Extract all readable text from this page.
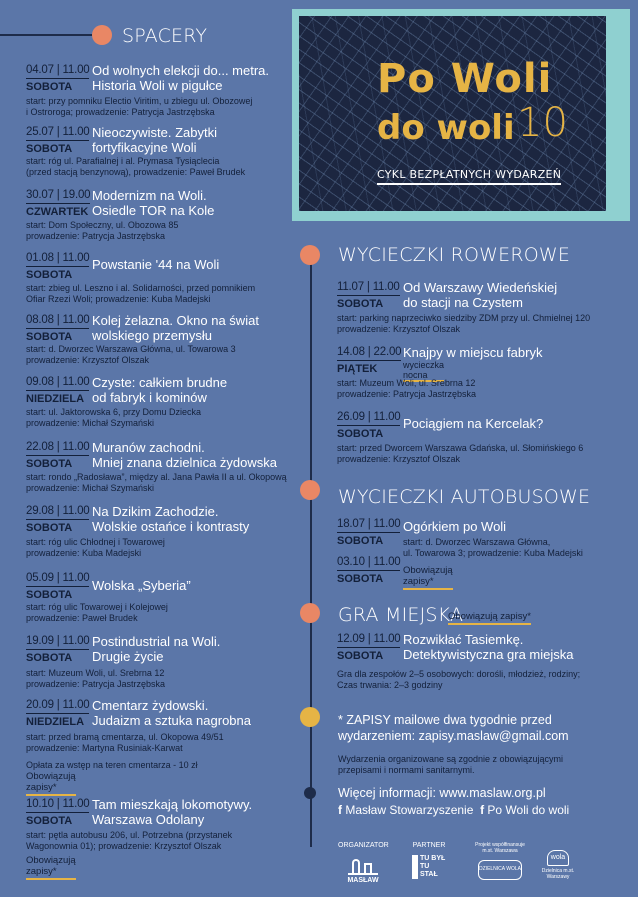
SPACERY
Po Woli
do woli 10
CYKL BEZPŁATNYCH WYDARZEŃ
04.07 | 11.00
SOBOTA
Od wolnych elekcji do... metra.
Historia Woli w pigułce
start: przy pomniku Electio Viritim, u zbiegu ul. Obozowej
i Ostroroga; prowadzenie: Patrycja Jastrzębska
25.07 | 11.00
SOBOTA
Nieoczywiste. Zabytki
fortyfikacyjne Woli
start: róg ul. Parafialnej i al. Prymasa Tysiąclecia
(przed stacją benzynową), prowadzenie: Paweł Brudek
30.07 | 19.00
CZWARTEK
Modernizm na Woli.
Osiedle TOR na Kole
start: Dom Społeczny, ul. Obozowa 85
prowadzenie: Patrycja Jastrzębska
01.08 | 11.00
SOBOTA
Powstanie '44 na Woli
start: zbieg ul. Leszno i al. Solidarności, przed pomnikiem
Ofiar Rzezi Woli; prowadzenie: Kuba Madejski
08.08 | 11.00
SOBOTA
Kolej żelazna. Okno na świat
wolskiego przemysłu
start: d. Dworzec Warszawa Główna, ul. Towarowa 3
prowadzenie: Krzysztof Olszak
09.08 | 11.00
NIEDZIELA
Czyste: całkiem brudne
od fabryk i kominów
start: ul. Jaktorowska 6, przy Domu Dziecka
prowadzenie: Michał Szymański
22.08 | 11.00
SOBOTA
Muranów zachodni.
Mniej znana dzielnica żydowska
start: rondo „Radosława”, między al. Jana Pawła II a ul. Okopową
prowadzenie: Michał Szymański
29.08 | 11.00
SOBOTA
Na Dzikim Zachodzie.
Wolskie ostańce i kontrasty
start: róg ulic Chłodnej i Towarowej
prowadzenie: Kuba Madejski
05.09 | 11.00
SOBOTA
Wolska „Syberia”
start: róg ulic Towarowej i Kolejowej
prowadzenie: Paweł Brudek
19.09 | 11.00
SOBOTA
Postindustrial na Woli.
Drugie życie
start: Muzeum Woli, ul. Srebrna 12
prowadzenie: Patrycja Jastrzębska
20.09 | 11.00
NIEDZIELA
Cmentarz żydowski.
Judaizm a sztuka nagrobna
start: przed bramą cmentarza, ul. Okopowa 49/51
prowadzenie: Martyna Rusiniak-Karwat
Opłata za wstęp na teren cmentarza - 10 zł
Obowiązują zapisy*
10.10 | 11.00
SOBOTA
Tam mieszkają lokomotywy.
Warszawa Odolany
start: pętla autobusu 206, ul. Potrzebna (przystanek
Wagonownia 01); prowadzenie: Krzysztof Olszak
Obowiązują zapisy*
WYCIECZKI ROWEROWE
11.07 | 11.00
SOBOTA
Od Warszawy Wiedeńskiej
do stacji na Czystem
start: parking naprzeciwko siedziby ZDM przy ul. Chmielnej 120
prowadzenie: Krzysztof Olszak
14.08 | 22.00
PIĄTEK
Knajpy w miejscu fabryk
wycieczka nocna
start: Muzeum Woli, ul. Srebrna 12
prowadzenie: Patrycja Jastrzębska
26.09 | 11.00
SOBOTA
Pociągiem na Kercelak?
start: przed Dworcem Warszawa Gdańska, ul. Słomińskiego 6
prowadzenie: Krzysztof Olszak
WYCIECZKI AUTOBUSOWE
18.07 | 11.00
SOBOTA
03.10 | 11.00
SOBOTA
Ogórkiem po Woli
start: d. Dworzec Warszawa Główna,
ul. Towarowa 3; prowadzenie: Kuba Madejski
Obowiązują zapisy*
GRA MIEJSKA
Obowiązują zapisy*
12.09 | 11.00
SOBOTA
Rozwikłać Tasiemkę.
Detektywistyczna gra miejska
Gra dla zespołów 2–5 osobowych: dorośli, młodzież, rodziny;
Czas trwania: 2–3 godziny
* ZAPISY mailowe dwa tygodnie przed
wydarzeniem: zapisy.maslaw@gmail.com
Wydarzenia organizowane są zgodnie z obowiązującymi
przepisami i normami sanitarnymi.
Więcej informacji: www.maslaw.org.pl
f Masław Stowarzyszenie f Po Woli do woli
ORGANIZATOR
MASŁAW
PARTNER
TU BYŁ TU STAŁ
Projekt współfinansuje m.st. Warszawa
DZIELNICA WOLA
wola
Dzielnica m.st. Warszawy
